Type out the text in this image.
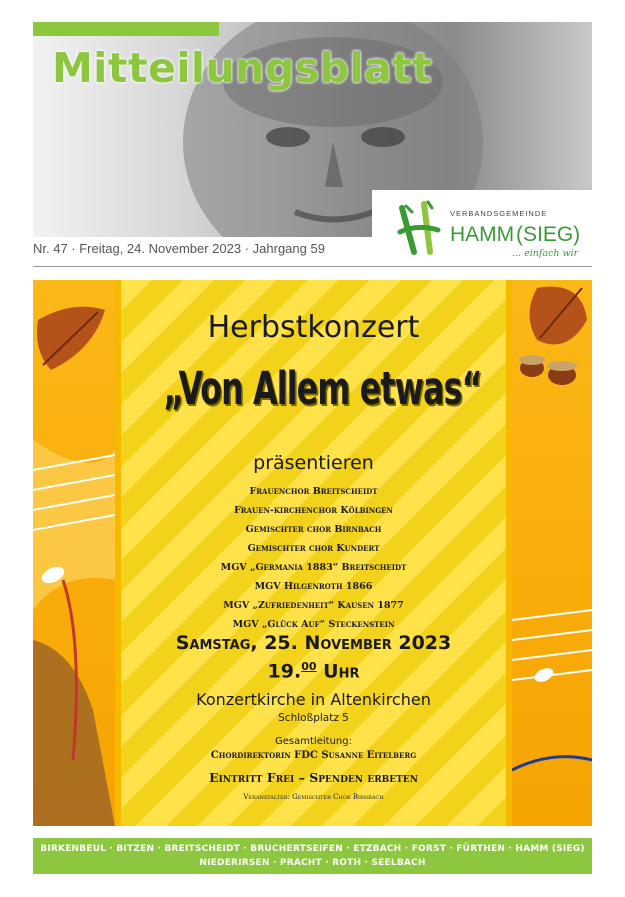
Mitteilungsblatt
VERBANDSGEMEINDE
HAMM (SIEG)
... einfach wir
Nr. 47 · Freitag, 24. November 2023 · Jahrgang 59
Herbstkonzert
„Von Allem etwas“
präsentieren
Frauenchor Breitscheidt
Frauen-kirchenchor Kölbingen
Gemischter chor Birnbach
Gemischter chor Kundert
MGV „Germania 1883“ Breitscheidt
MGV Hilgenroth 1866
MGV „Zufriedenheit“ Kausen 1877
MGV „Glück Auf“ Steckenstein
Samstag, 25. November 2023
19.00 Uhr
Konzertkirche in Altenkirchen
Schloßplatz 5
Gesamtleitung:
Chordirektorin FDC Susanne Eitelberg
Eintritt Frei – Spenden erbeten
Veranstalter: Gemischter Chor Birnbach
BIRKENBEUL · BITZEN · BREITSCHEIDT · BRUCHERTSEIFEN · ETZBACH · FORST · FÜRTHEN · HAMM (SIEG)
NIEDERIRSEN · PRACHT · ROTH · SEELBACH
